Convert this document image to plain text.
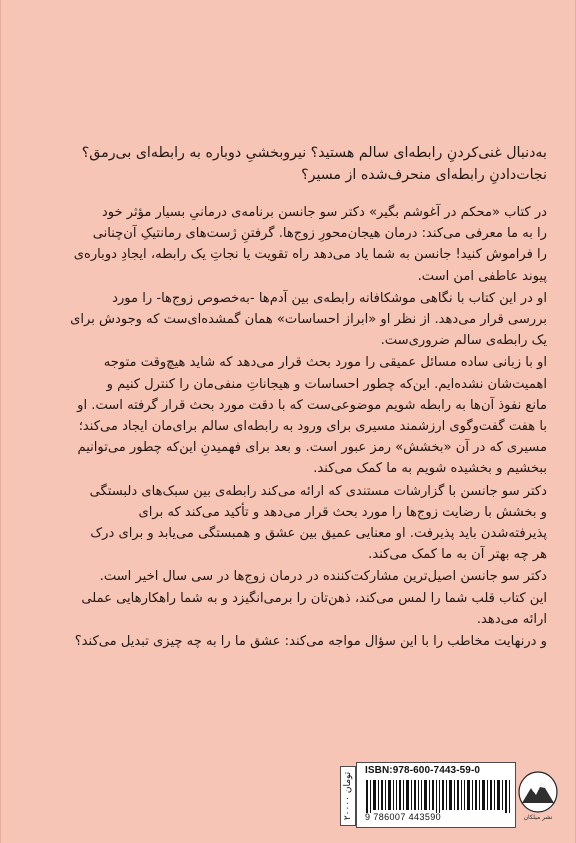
به‌دنبال غنی‌کردنِ رابطه‌ای سالم هستید؟ نیروبخشیِ دوباره به رابطه‌ای بی‌رمق؟
نجات‌دادنِ رابطه‌ای منحرف‌شده از مسیر؟
در کتاب «محکم در آغوشم بگیر» دکتر سو جانسن برنامه‌ی درمانیِ بسیار مؤثر خود
را به ما معرفی می‌کند: درمان هیجان‌محورِ زوج‌ها. گرفتنِ ژست‌های رمانتیکِ آن‌چنانی
را فراموش کنید! جانسن به شما یاد می‌دهد راه تقویت یا نجاتِ یک رابطه، ایجادِ دوباره‌ی
پیوند عاطفی امن است.
او در این کتاب با نگاهی موشکافانه رابطه‌ی بین آدم‌ها -به‌خصوص زوج‌ها- را مورد
بررسی قرار می‌دهد. از نظر او «ابراز احساسات» همان گمشده‌ای‌ست که وجودش برای
یک رابطه‌ی سالم ضروری‌ست.
او با زبانی ساده مسائل عمیقی را مورد بحث قرار می‌دهد که شاید هیچ‌وقت متوجه
اهمیت‌شان نشده‌ایم. این‌که چطور احساسات و هیجاناتِ منفی‌مان را کنترل کنیم و
مانع نفوذ آن‌ها به رابطه شویم موضوعی‌ست که با دقت مورد بحث قرار گرفته است. او
با هفت گفت‌وگوی ارزشمند مسیری برای ورود به رابطه‌ای سالم برای‌مان ایجاد می‌کند؛
مسیری که در آن «بخشش» رمز عبور است. و بعد برای فهمیدنِ این‌که چطور می‌توانیم
ببخشیم و بخشیده شویم به ما کمک می‌کند.
دکتر سو جانسن با گزارشات مستندی که ارائه می‌کند رابطه‌ی بین سبک‌های دلبستگی
و بخشش با رضایت زوج‌ها را مورد بحث قرار می‌دهد و تأکید می‌کند که برای
پذیرفته‌شدن باید پذیرفت. او معنایی عمیق بین عشق و همبستگی می‌یابد و برای درک
هر چه بهتر آن به ما کمک می‌کند.
دکتر سو جانسن اصیل‌ترین مشارکت‌کننده در درمان زوج‌ها در سی سال اخیر است.
این کتاب قلب شما را لمس می‌کند، ذهن‌تان را برمی‌انگیزد و به شما راهکارهایی عملی
ارائه می‌دهد.
و درنهایت مخاطب را با این سؤال مواجه می‌کند: عشق ما را به چه چیزی تبدیل می‌کند؟
۲۰۰۰۰ تومان
ISBN:978-600-7443-59-0
9 786007 443590	نشر میلکان
